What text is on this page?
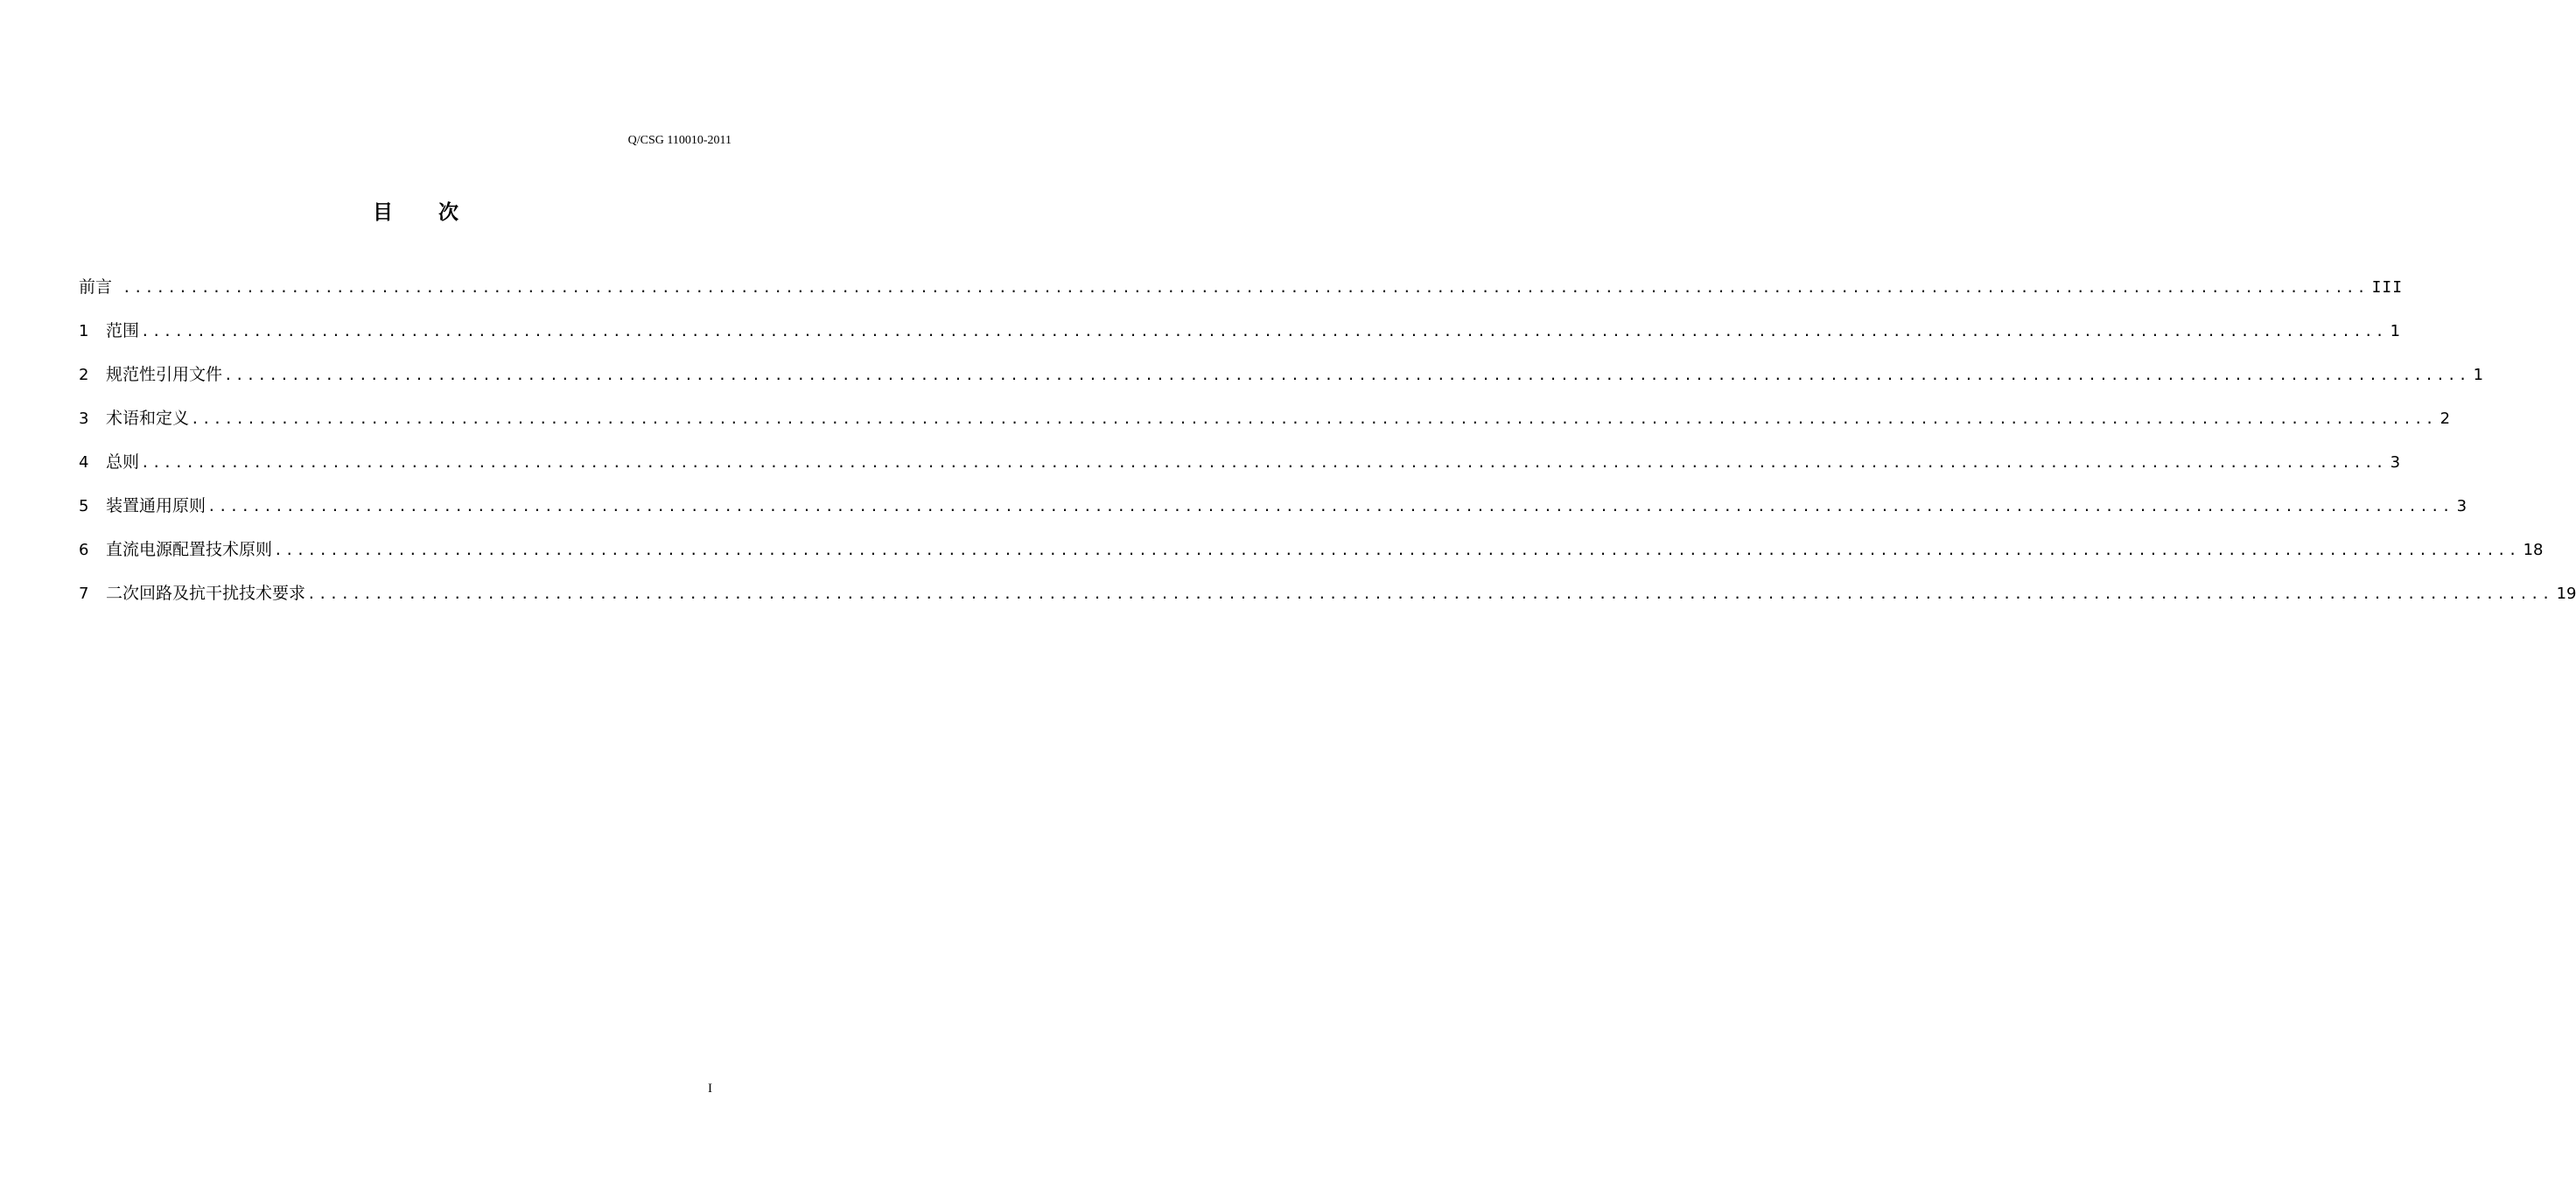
Q/CSG 110010-2011
目 次
前言 ........................................................................................................................................................................................................ III
1	范围 ........................................................................................................................................................................................................ 1
2	规范性引用文件 ........................................................................................................................................................................................................ 1
3	术语和定义 ........................................................................................................................................................................................................ 2
4	总则 ........................................................................................................................................................................................................ 3
5	装置通用原则 ........................................................................................................................................................................................................ 3
6	直流电源配置技术原则 ........................................................................................................................................................................................................ 18
7	二次回路及抗干扰技术要求 ........................................................................................................................................................................................................ 19
I
